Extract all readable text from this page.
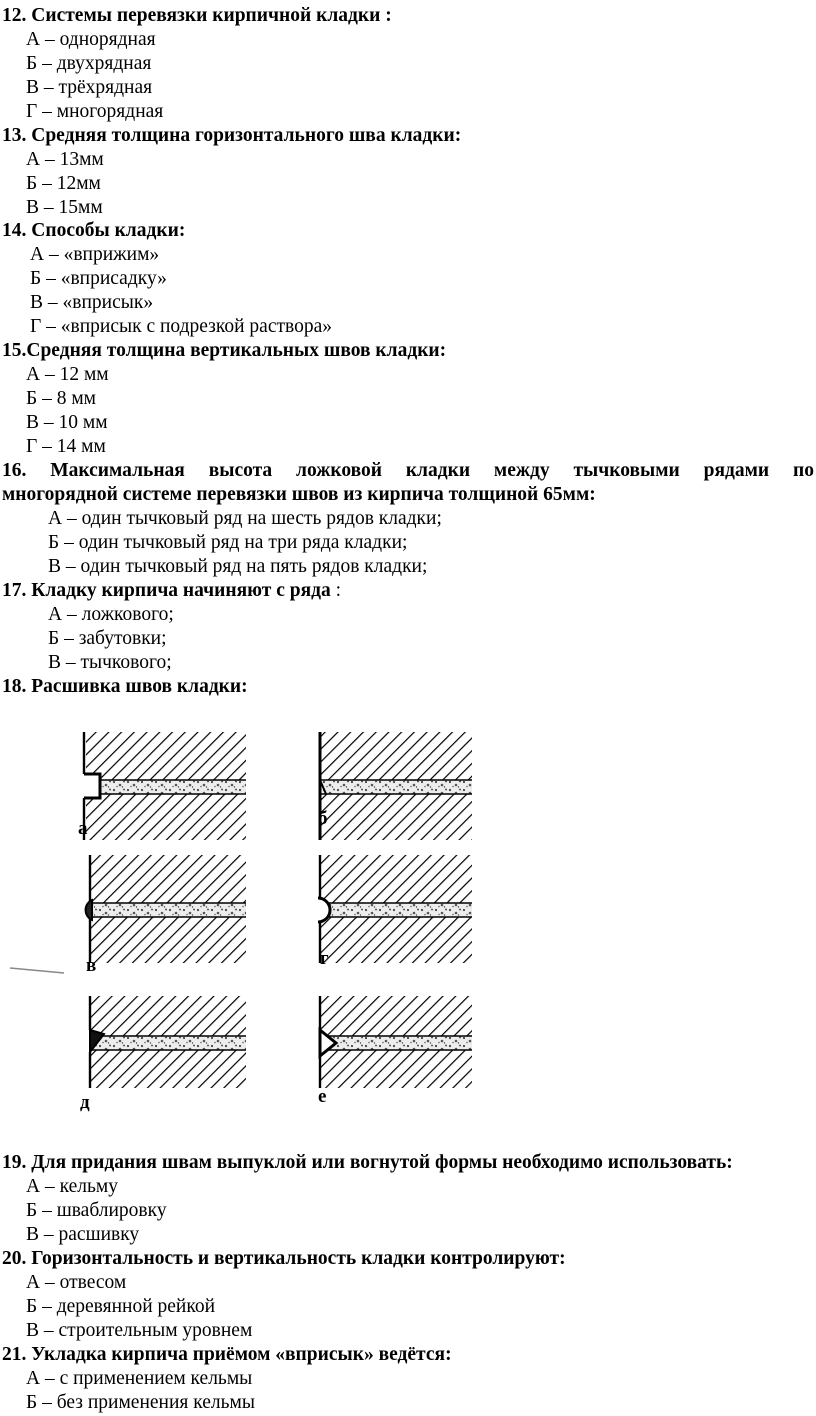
12. Системы перевязки кирпичной кладки :
А – однорядная
Б – двухрядная
В – трёхрядная
Г – многорядная
13. Средняя толщина горизонтального шва кладки:
А – 13мм
Б – 12мм
В – 15мм
14. Способы кладки:
А – «вприжим»
Б – «вприсадку»
В – «вприсык»
Г – «вприсык с подрезкой раствора»
15.Средняя толщина вертикальных швов кладки:
А – 12 мм
Б – 8 мм
В – 10 мм
Г – 14 мм
16. Максимальная высота ложковой кладки между тычковыми рядами по
многорядной системе перевязки швов из кирпича толщиной 65мм:
А – один тычковый ряд на шесть рядов кладки;
Б – один тычковый ряд на три ряда кладки;
В – один тычковый ряд на пять рядов кладки;
17. Кладку кирпича начиняют с ряда :
А – ложкового;
Б – забутовки;
В – тычкового;
18. Расшивка швов кладки:
а	б
в	г
д	е
19. Для придания швам выпуклой или вогнутой формы необходимо использовать:
А – кельму
Б – шваблировку
В – расшивку
20. Горизонтальность и вертикальность кладки контролируют:
А – отвесом
Б – деревянной рейкой
В – строительным уровнем
21. Укладка кирпича приёмом «вприсык» ведётся:
А – с применением кельмы
Б – без применения кельмы
